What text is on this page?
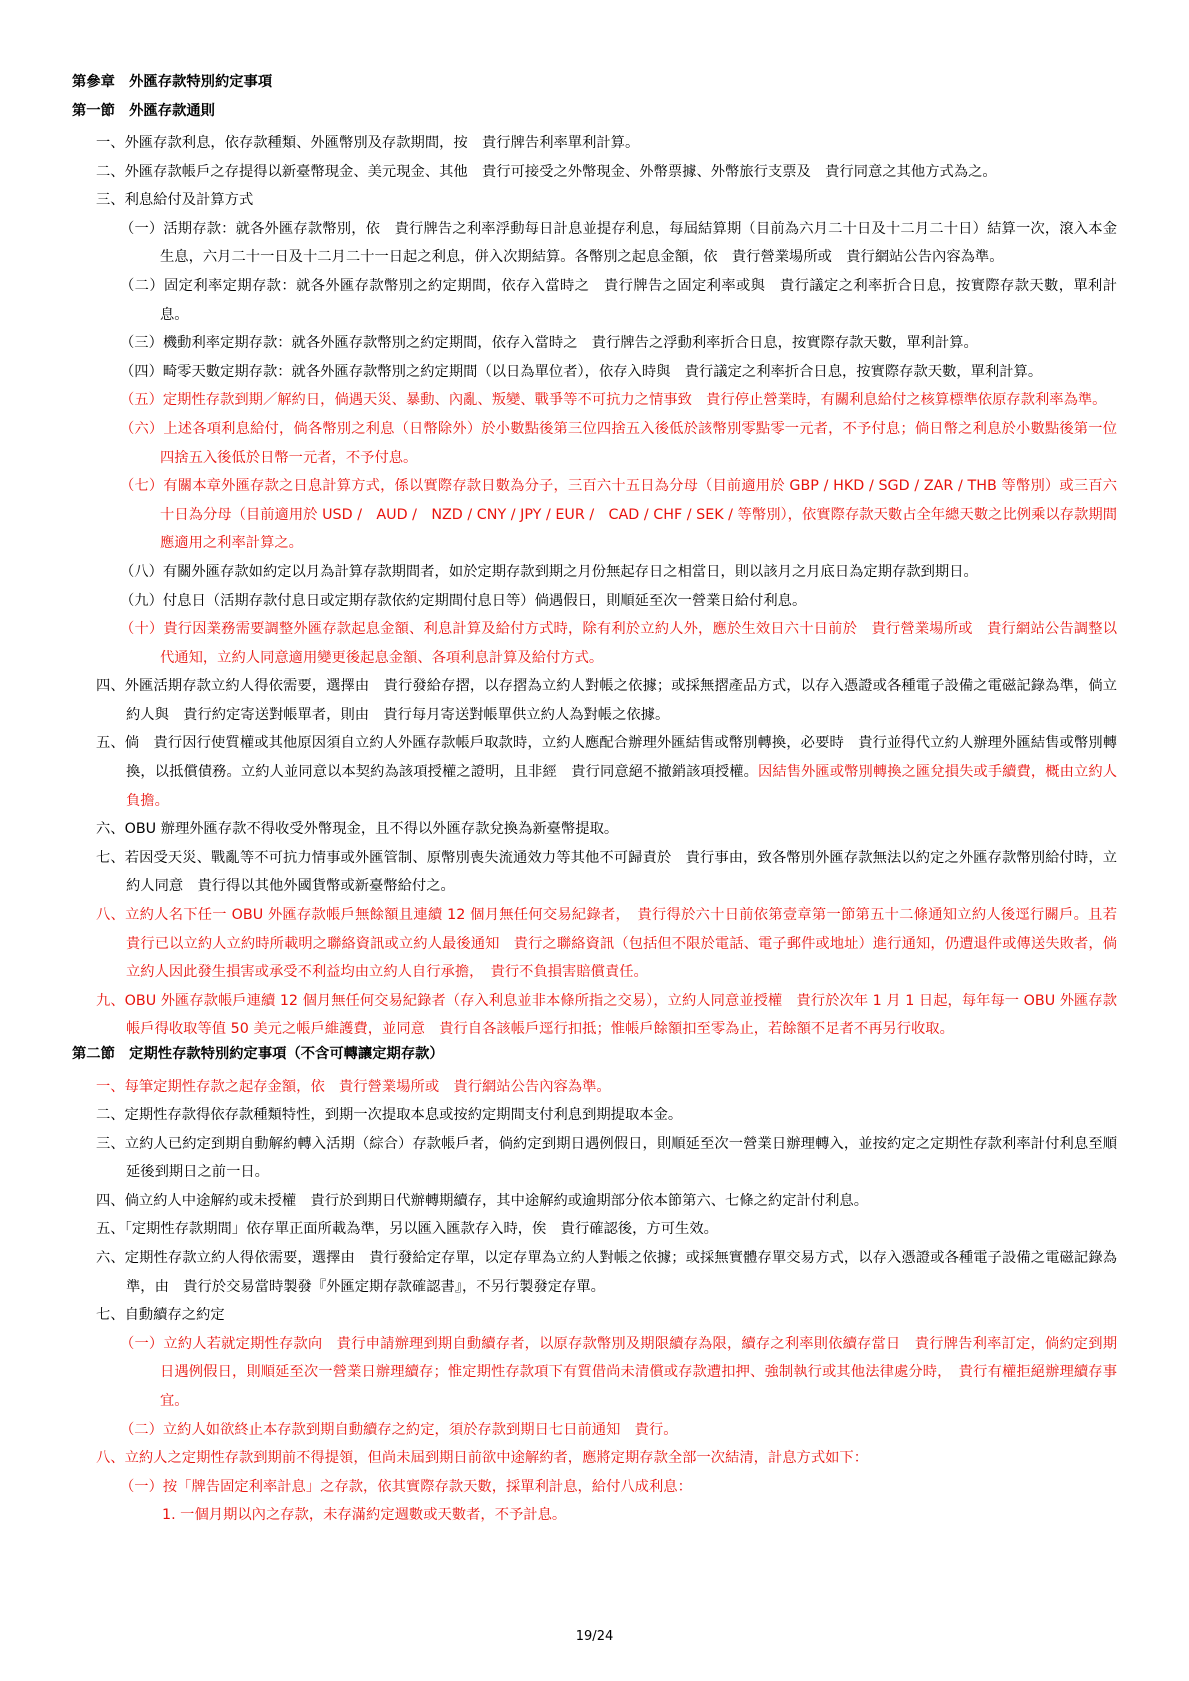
第參章　外匯存款特別約定事項
第一節　外匯存款通則
一、外匯存款利息，依存款種類、外匯幣別及存款期間，按　貴行牌告利率單利計算。
二、外匯存款帳戶之存提得以新臺幣現金、美元現金、其他　貴行可接受之外幣現金、外幣票據、外幣旅行支票及　貴行同意之其他方式為之。
三、利息給付及計算方式
（一）活期存款：就各外匯存款幣別，依　貴行牌告之利率浮動每日計息並提存利息，每屆結算期（目前為六月二十日及十二月二十日）結算一次，滾入本金生息，六月二十一日及十二月二十一日起之利息，併入次期結算。各幣別之起息金額，依　貴行營業場所或　貴行網站公告內容為準。
（二）固定利率定期存款：就各外匯存款幣別之約定期間，依存入當時之　貴行牌告之固定利率或與　貴行議定之利率折合日息，按實際存款天數，單利計息。
（三）機動利率定期存款：就各外匯存款幣別之約定期間，依存入當時之　貴行牌告之浮動利率折合日息，按實際存款天數，單利計算。
（四）畸零天數定期存款：就各外匯存款幣別之約定期間（以日為單位者），依存入時與　貴行議定之利率折合日息，按實際存款天數，單利計算。
（五）定期性存款到期／解約日，倘遇天災、暴動、內亂、叛變、戰爭等不可抗力之情事致　貴行停止營業時，有關利息給付之核算標準依原存款利率為準。
（六）上述各項利息給付，倘各幣別之利息（日幣除外）於小數點後第三位四捨五入後低於該幣別零點零一元者，不予付息；倘日幣之利息於小數點後第一位四捨五入後低於日幣一元者，不予付息。
（七）有關本章外匯存款之日息計算方式，係以實際存款日數為分子，三百六十五日為分母（目前適用於 GBP / HKD / SGD / ZAR / THB 等幣別）或三百六十日為分母（目前適用於 USD /　AUD /　NZD / CNY / JPY / EUR /　CAD / CHF / SEK / 等幣別），依實際存款天數占全年總天數之比例乘以存款期間應適用之利率計算之。
（八）有關外匯存款如約定以月為計算存款期間者，如於定期存款到期之月份無起存日之相當日，則以該月之月底日為定期存款到期日。
（九）付息日（活期存款付息日或定期存款依約定期間付息日等）倘遇假日，則順延至次一營業日給付利息。
（十）貴行因業務需要調整外匯存款起息金額、利息計算及給付方式時，除有利於立約人外，應於生效日六十日前於　貴行營業場所或　貴行網站公告調整以代通知，立約人同意適用變更後起息金額、各項利息計算及給付方式。
四、外匯活期存款立約人得依需要，選擇由　貴行發給存摺，以存摺為立約人對帳之依據；或採無摺產品方式，以存入憑證或各種電子設備之電磁記錄為準，倘立約人與　貴行約定寄送對帳單者，則由　貴行每月寄送對帳單供立約人為對帳之依據。
五、倘　貴行因行使質權或其他原因須自立約人外匯存款帳戶取款時，立約人應配合辦理外匯結售或幣別轉換，必要時　貴行並得代立約人辦理外匯結售或幣別轉換，以抵償債務。立約人並同意以本契約為該項授權之證明，且非經　貴行同意絕不撤銷該項授權。因結售外匯或幣別轉換之匯兌損失或手續費，概由立約人負擔。
六、OBU 辦理外匯存款不得收受外幣現金，且不得以外匯存款兌換為新臺幣提取。
七、若因受天災、戰亂等不可抗力情事或外匯管制、原幣別喪失流通效力等其他不可歸責於　貴行事由，致各幣別外匯存款無法以約定之外匯存款幣別給付時，立約人同意　貴行得以其他外國貨幣或新臺幣給付之。
八、立約人名下任一 OBU 外匯存款帳戶無餘額且連續 12 個月無任何交易紀錄者，　貴行得於六十日前依第壹章第一節第五十二條通知立約人後逕行關戶。且若　貴行已以立約人立約時所載明之聯絡資訊或立約人最後通知　貴行之聯絡資訊（包括但不限於電話、電子郵件或地址）進行通知，仍遭退件或傳送失敗者，倘立約人因此發生損害或承受不利益均由立約人自行承擔，　貴行不負損害賠償責任。
九、OBU 外匯存款帳戶連續 12 個月無任何交易紀錄者（存入利息並非本條所指之交易），立約人同意並授權　貴行於次年 1 月 1 日起，每年每一 OBU 外匯存款帳戶得收取等值 50 美元之帳戶維護費，並同意　貴行自各該帳戶逕行扣抵；惟帳戶餘額扣至零為止，若餘額不足者不再另行收取。
第二節　定期性存款特別約定事項（不含可轉讓定期存款）
一、每筆定期性存款之起存金額，依　貴行營業場所或　貴行網站公告內容為準。
二、定期性存款得依存款種類特性，到期一次提取本息或按約定期間支付利息到期提取本金。
三、立約人已約定到期自動解約轉入活期（綜合）存款帳戶者，倘約定到期日遇例假日，則順延至次一營業日辦理轉入，並按約定之定期性存款利率計付利息至順延後到期日之前一日。
四、倘立約人中途解約或未授權　貴行於到期日代辦轉期續存，其中途解約或逾期部分依本節第六、七條之約定計付利息。
五、「定期性存款期間」依存單正面所載為準，另以匯入匯款存入時，俟　貴行確認後，方可生效。
六、定期性存款立約人得依需要，選擇由　貴行發給定存單，以定存單為立約人對帳之依據；或採無實體存單交易方式，以存入憑證或各種電子設備之電磁記錄為準，由　貴行於交易當時製發『外匯定期存款確認書』，不另行製發定存單。
七、自動續存之約定
（一）立約人若就定期性存款向　貴行申請辦理到期自動續存者，以原存款幣別及期限續存為限，續存之利率則依續存當日　貴行牌告利率訂定，倘約定到期日遇例假日，則順延至次一營業日辦理續存；惟定期性存款項下有質借尚未清償或存款遭扣押、強制執行或其他法律處分時，　貴行有權拒絕辦理續存事宜。
（二）立約人如欲終止本存款到期自動續存之約定，須於存款到期日七日前通知　貴行。
八、立約人之定期性存款到期前不得提領，但尚未屆到期日前欲中途解約者，應將定期存款全部一次結清，計息方式如下：
（一）按「牌告固定利率計息」之存款，依其實際存款天數，採單利計息，給付八成利息：
1. 一個月期以內之存款，未存滿約定週數或天數者，不予計息。
19/24
